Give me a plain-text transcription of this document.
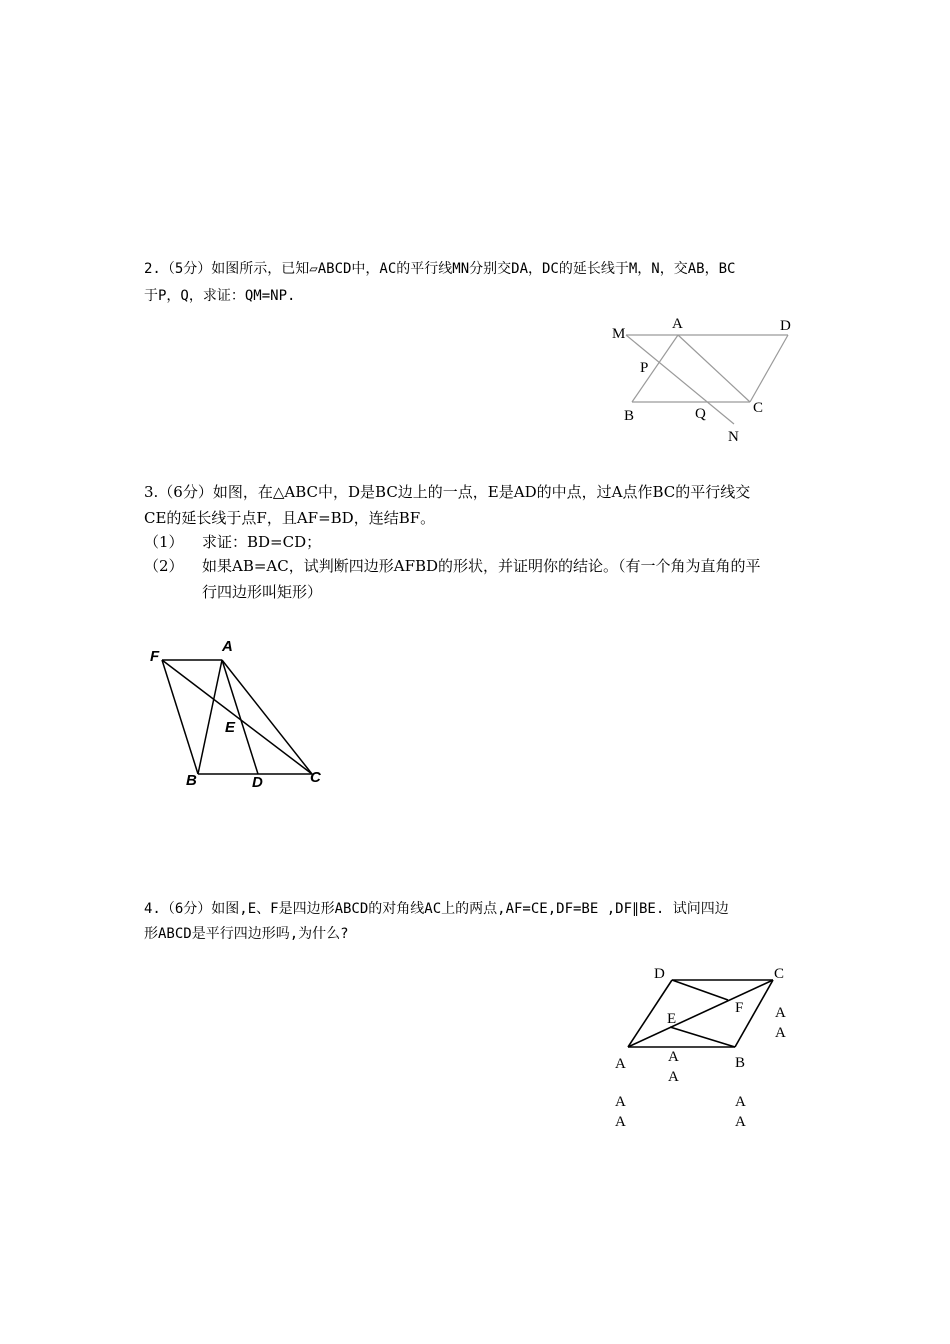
2.（5分）如图所示，已知▱ABCD中，AC的平行线MN分别交DA，DC的延长线于M，N，交AB，BC
于P，Q，求证：QM=NP.
M
A	D
P
B	Q	C
N
3.（6分）如图，在△ABC中，D是BC边上的一点，E是AD的中点，过A点作BC的平行线交
CE的延长线于点F，且AF=BD，连结BF。
（1） 求证：BD=CD；
（2） 如果AB=AC，试判断四边形AFBD的形状，并证明你的结论。（有一个角为直角的平
行四边形叫矩形）
F
A
E
B	D	C
4.（6分）如图,E、F是四边形ABCD的对角线AC上的两点,AF=CE,DF=BE ,DF∥BE. 试问四边
形ABCD是平行四边形吗,为什么?
D	C
F
E
A	B
A
A
A
A
A
A
A
A
